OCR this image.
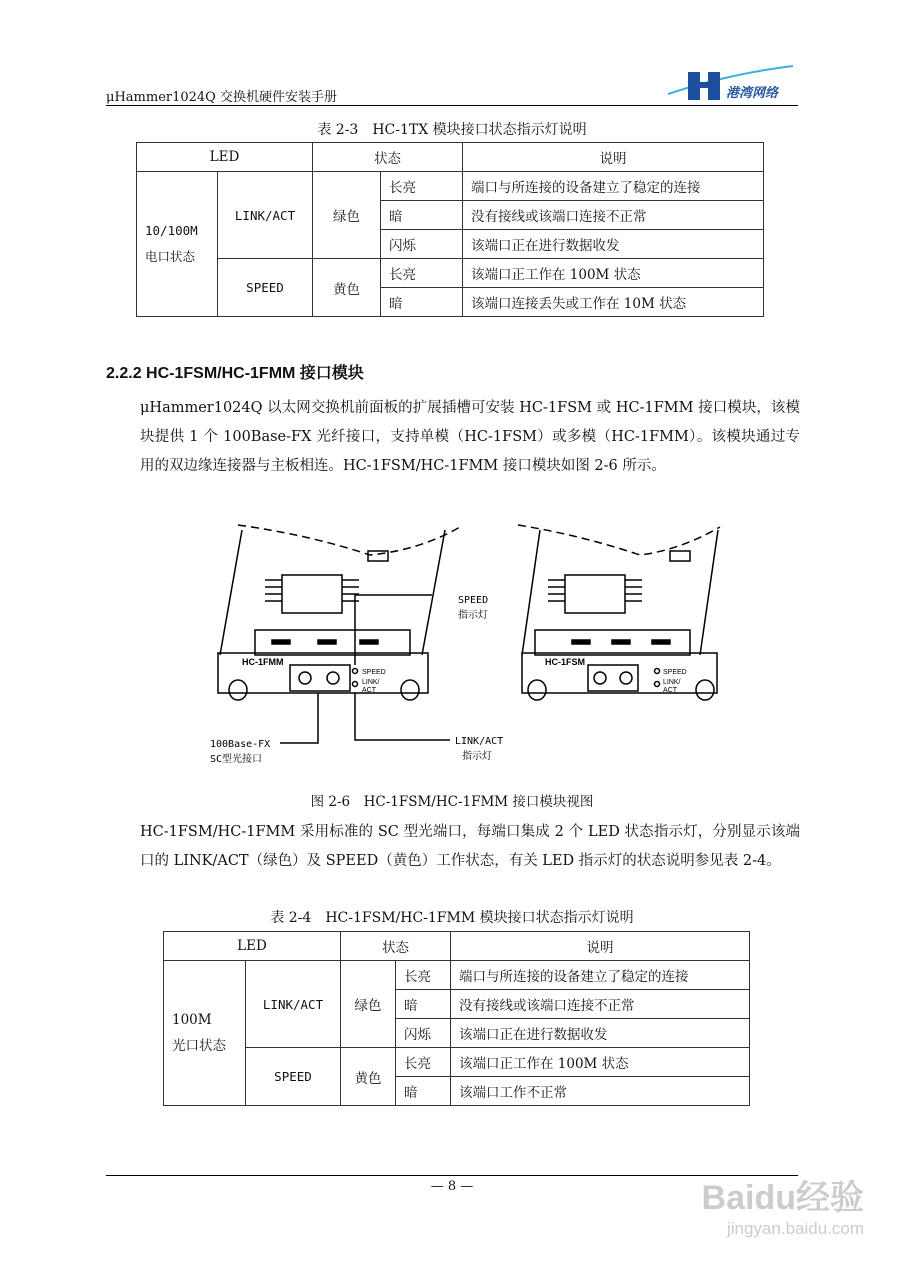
μHammer1024Q 交换机硬件安装手册	港湾网络
表 2-3　HC-1TX 模块接口状态指示灯说明
LED		状态		说明
10/100M
电口状态	LINK/ACT	绿色	长亮	端口与所连接的设备建立了稳定的连接
			暗	没有接线或该端口连接不正常
			闪烁	该端口正在进行数据收发
	SPEED	黄色	长亮	该端口正工作在 100M 状态
			暗	该端口连接丢失或工作在 10M 状态
2.2.2 HC-1FSM/HC-1FMM 接口模块
μHammer1024Q 以太网交换机前面板的扩展插槽可安装 HC-1FSM 或 HC-1FMM 接口模块，该模块提供 1 个 100Base-FX 光纤接口，支持单模（HC-1FSM）或多模（HC-1FMM）。该模块通过专用的双边缘连接器与主板相连。HC-1FSM/HC-1FMM 接口模块如图 2-6 所示。
HC-1FMM	HC-1FSM
SPEED
LINK/
ACT
SPEED
LINK/
ACT
SPEED
指示灯
100Base-FX
SC型光接口
LINK/ACT
指示灯
图 2-6　HC-1FSM/HC-1FMM 接口模块视图
HC-1FSM/HC-1FMM 采用标准的 SC 型光端口，每端口集成 2 个 LED 状态指示灯，分别显示该端口的 LINK/ACT（绿色）及 SPEED（黄色）工作状态，有关 LED 指示灯的状态说明参见表 2-4。
表 2-4　HC-1FSM/HC-1FMM 模块接口状态指示灯说明
LED		状态		说明
100M
光口状态	LINK/ACT	绿色	长亮	端口与所连接的设备建立了稳定的连接
			暗	没有接线或该端口连接不正常
			闪烁	该端口正在进行数据收发
	SPEED	黄色	长亮	该端口正工作在 100M 状态
			暗	该端口工作不正常
— 8 —	Baidu经验
jingyan.baidu.com
